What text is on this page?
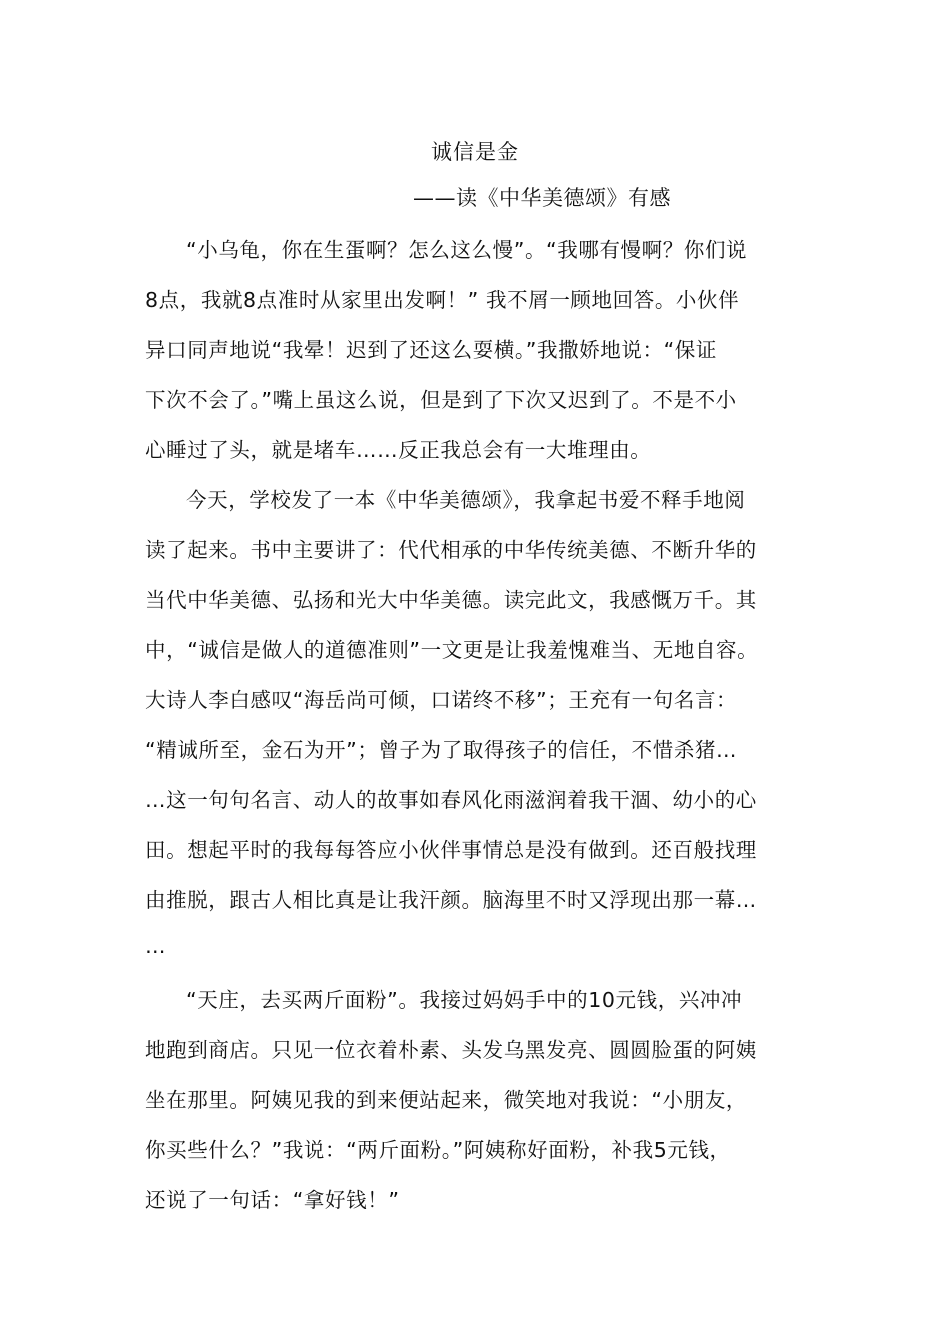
诚信是金
——读《中华美德颂》有感
“小乌龟，你在生蛋啊？怎么这么慢”。“我哪有慢啊？你们说
8点，我就8点准时从家里出发啊！” 我不屑一顾地回答。小伙伴
异口同声地说“我晕！迟到了还这么耍横。”我撒娇地说：“保证
下次不会了。”嘴上虽这么说，但是到了下次又迟到了。不是不小
心睡过了头，就是堵车……反正我总会有一大堆理由。
今天，学校发了一本《中华美德颂》，我拿起书爱不释手地阅
读了起来。书中主要讲了：代代相承的中华传统美德、不断升华的
当代中华美德、弘扬和光大中华美德。读完此文，我感慨万千。其
中，“诚信是做人的道德准则”一文更是让我羞愧难当、无地自容。
大诗人李白感叹“海岳尚可倾，口诺终不移”；王充有一句名言：
“精诚所至，金石为开”；曾子为了取得孩子的信任，不惜杀猪…
…这一句句名言、动人的故事如春风化雨滋润着我干涸、幼小的心
田。想起平时的我每每答应小伙伴事情总是没有做到。还百般找理
由推脱，跟古人相比真是让我汗颜。脑海里不时又浮现出那一幕…
…
“天庄，去买两斤面粉”。我接过妈妈手中的10元钱，兴冲冲
地跑到商店。只见一位衣着朴素、头发乌黑发亮、圆圆脸蛋的阿姨
坐在那里。阿姨见我的到来便站起来，微笑地对我说：“小朋友，
你买些什么？”我说：“两斤面粉。”阿姨称好面粉，补我5元钱，
还说了一句话：“拿好钱！”
